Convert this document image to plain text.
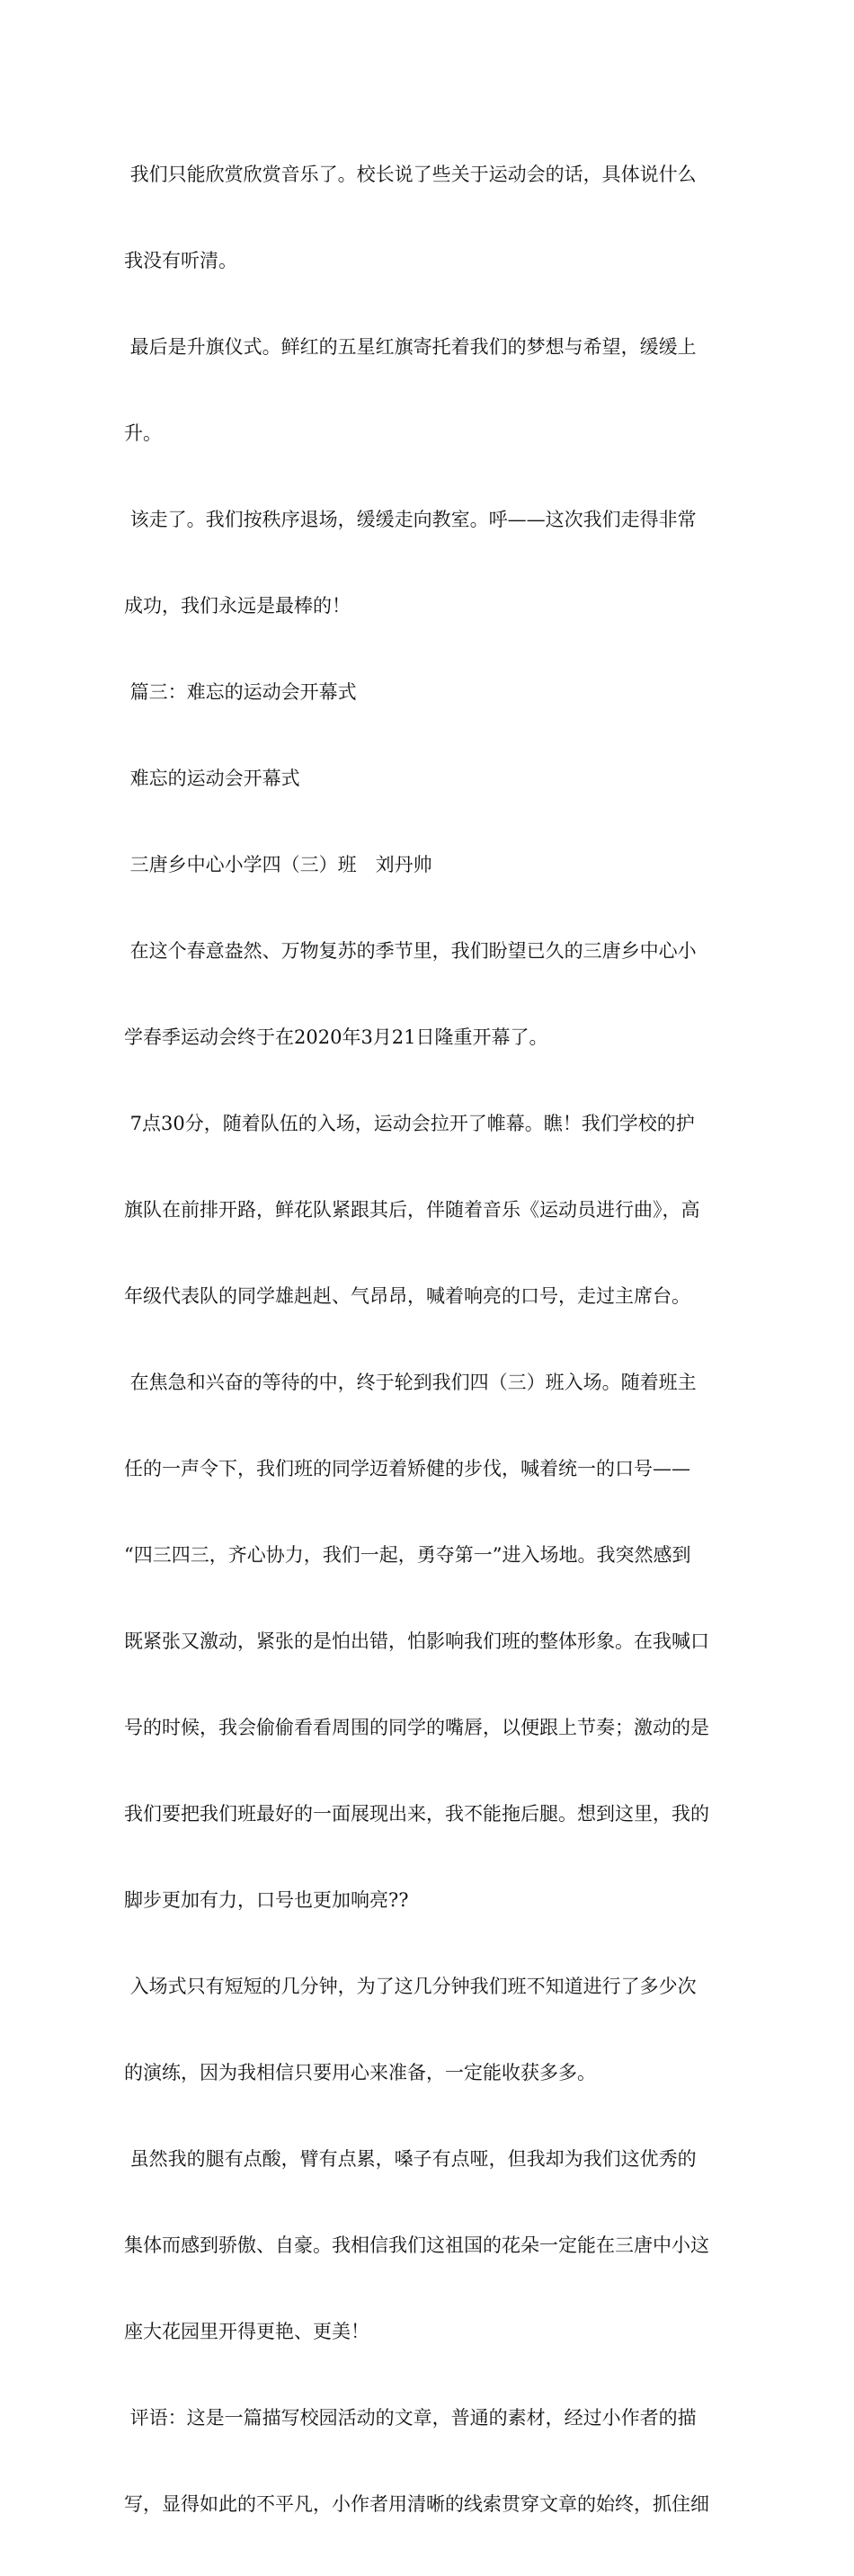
我们只能欣赏欣赏音乐了。校长说了些关于运动会的话，具体说什么

我没有听清。

最后是升旗仪式。鲜红的五星红旗寄托着我们的梦想与希望，缓缓上

升。

该走了。我们按秩序退场，缓缓走向教室。呼——这次我们走得非常

成功，我们永远是最棒的！

篇三：难忘的运动会开幕式

难忘的运动会开幕式

三唐乡中心小学四（三）班　刘丹帅

在这个春意盎然、万物复苏的季节里，我们盼望已久的三唐乡中心小

学春季运动会终于在2020年3月21日隆重开幕了。

7点30分，随着队伍的入场，运动会拉开了帷幕。瞧！我们学校的护

旗队在前排开路，鲜花队紧跟其后，伴随着音乐《运动员进行曲》，高

年级代表队的同学雄赳赳、气昂昂，喊着响亮的口号，走过主席台。

在焦急和兴奋的等待的中，终于轮到我们四（三）班入场。随着班主

任的一声令下，我们班的同学迈着矫健的步伐，喊着统一的口号——

“四三四三，齐心协力，我们一起，勇夺第一”进入场地。我突然感到

既紧张又激动，紧张的是怕出错，怕影响我们班的整体形象。在我喊口

号的时候，我会偷偷看看周围的同学的嘴唇，以便跟上节奏；激动的是

我们要把我们班最好的一面展现出来，我不能拖后腿。想到这里，我的

脚步更加有力，口号也更加响亮??

入场式只有短短的几分钟，为了这几分钟我们班不知道进行了多少次

的演练，因为我相信只要用心来准备，一定能收获多多。

虽然我的腿有点酸，臂有点累，嗓子有点哑，但我却为我们这优秀的

集体而感到骄傲、自豪。我相信我们这祖国的花朵一定能在三唐中小这

座大花园里开得更艳、更美！

评语：这是一篇描写校园活动的文章，普通的素材，经过小作者的描

写，显得如此的不平凡，小作者用清晰的线索贯穿文章的始终，抓住细
